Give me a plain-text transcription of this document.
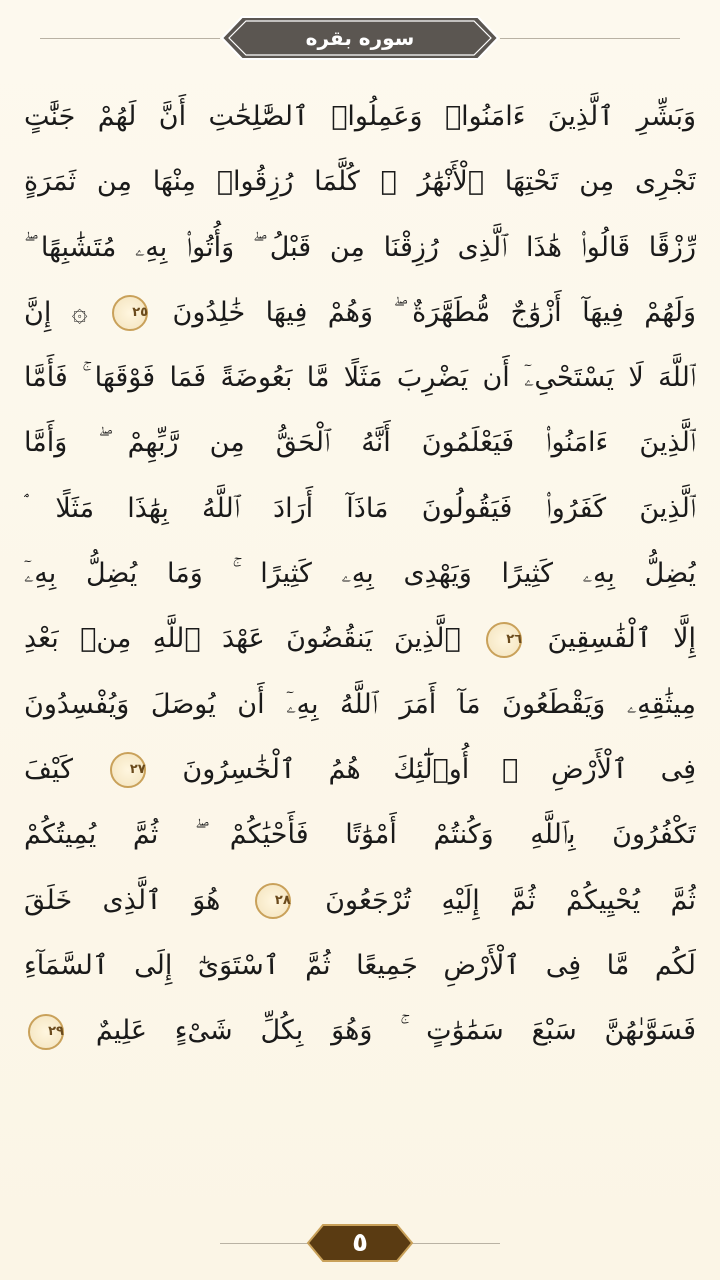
سوره بقره
وَبَشِّرِ ٱلَّذِينَ ءَامَنُوا۟ وَعَمِلُوا۟ ٱلصَّٰلِحَٰتِ أَنَّ لَهُمْ جَنَّٰتٍ
تَجْرِى مِن تَحْتِهَا ٱلْأَنْهَٰرُ ۖ كُلَّمَا رُزِقُوا۟ مِنْهَا مِن ثَمَرَةٍ
رِّزْقًا قَالُوا۟ هَٰذَا ٱلَّذِى رُزِقْنَا مِن قَبْلُ ۖ وَأُتُوا۟ بِهِۦ مُتَشَٰبِهًا ۖ
وَلَهُمْ فِيهَآ أَزْوَٰجٌ مُّطَهَّرَةٌ ۖ وَهُمْ فِيهَا خَٰلِدُونَ
٢٥
۞ إِنَّ
ٱللَّهَ لَا يَسْتَحْىِۦٓ أَن يَضْرِبَ مَثَلًا مَّا بَعُوضَةً فَمَا فَوْقَهَا ۚ فَأَمَّا
ٱلَّذِينَ ءَامَنُوا۟ فَيَعْلَمُونَ أَنَّهُ ٱلْحَقُّ مِن رَّبِّهِمْ ۖ وَأَمَّا
ٱلَّذِينَ كَفَرُوا۟ فَيَقُولُونَ مَاذَآ أَرَادَ ٱللَّهُ بِهَٰذَا مَثَلًا ۘ
يُضِلُّ بِهِۦ كَثِيرًا وَيَهْدِى بِهِۦ كَثِيرًا ۚ وَمَا يُضِلُّ بِهِۦٓ
إِلَّا ٱلْفَٰسِقِينَ
٢٦
ٱلَّذِينَ يَنقُضُونَ عَهْدَ ٱللَّهِ مِنۢ بَعْدِ
مِيثَٰقِهِۦ وَيَقْطَعُونَ مَآ أَمَرَ ٱللَّهُ بِهِۦٓ أَن يُوصَلَ وَيُفْسِدُونَ
فِى ٱلْأَرْضِ ۚ أُو۟لَٰٓئِكَ هُمُ ٱلْخَٰسِرُونَ
٢٧
كَيْفَ
تَكْفُرُونَ بِٱللَّهِ وَكُنتُمْ أَمْوَٰتًا فَأَحْيَٰكُمْ ۖ ثُمَّ يُمِيتُكُمْ
ثُمَّ يُحْيِيكُمْ ثُمَّ إِلَيْهِ تُرْجَعُونَ
٢٨
هُوَ ٱلَّذِى خَلَقَ
لَكُم مَّا فِى ٱلْأَرْضِ جَمِيعًا ثُمَّ ٱسْتَوَىٰٓ إِلَى ٱلسَّمَآءِ
فَسَوَّىٰهُنَّ سَبْعَ سَمَٰوَٰتٍ ۚ وَهُوَ بِكُلِّ شَىْءٍ عَلِيمٌ
٢٩
٥
